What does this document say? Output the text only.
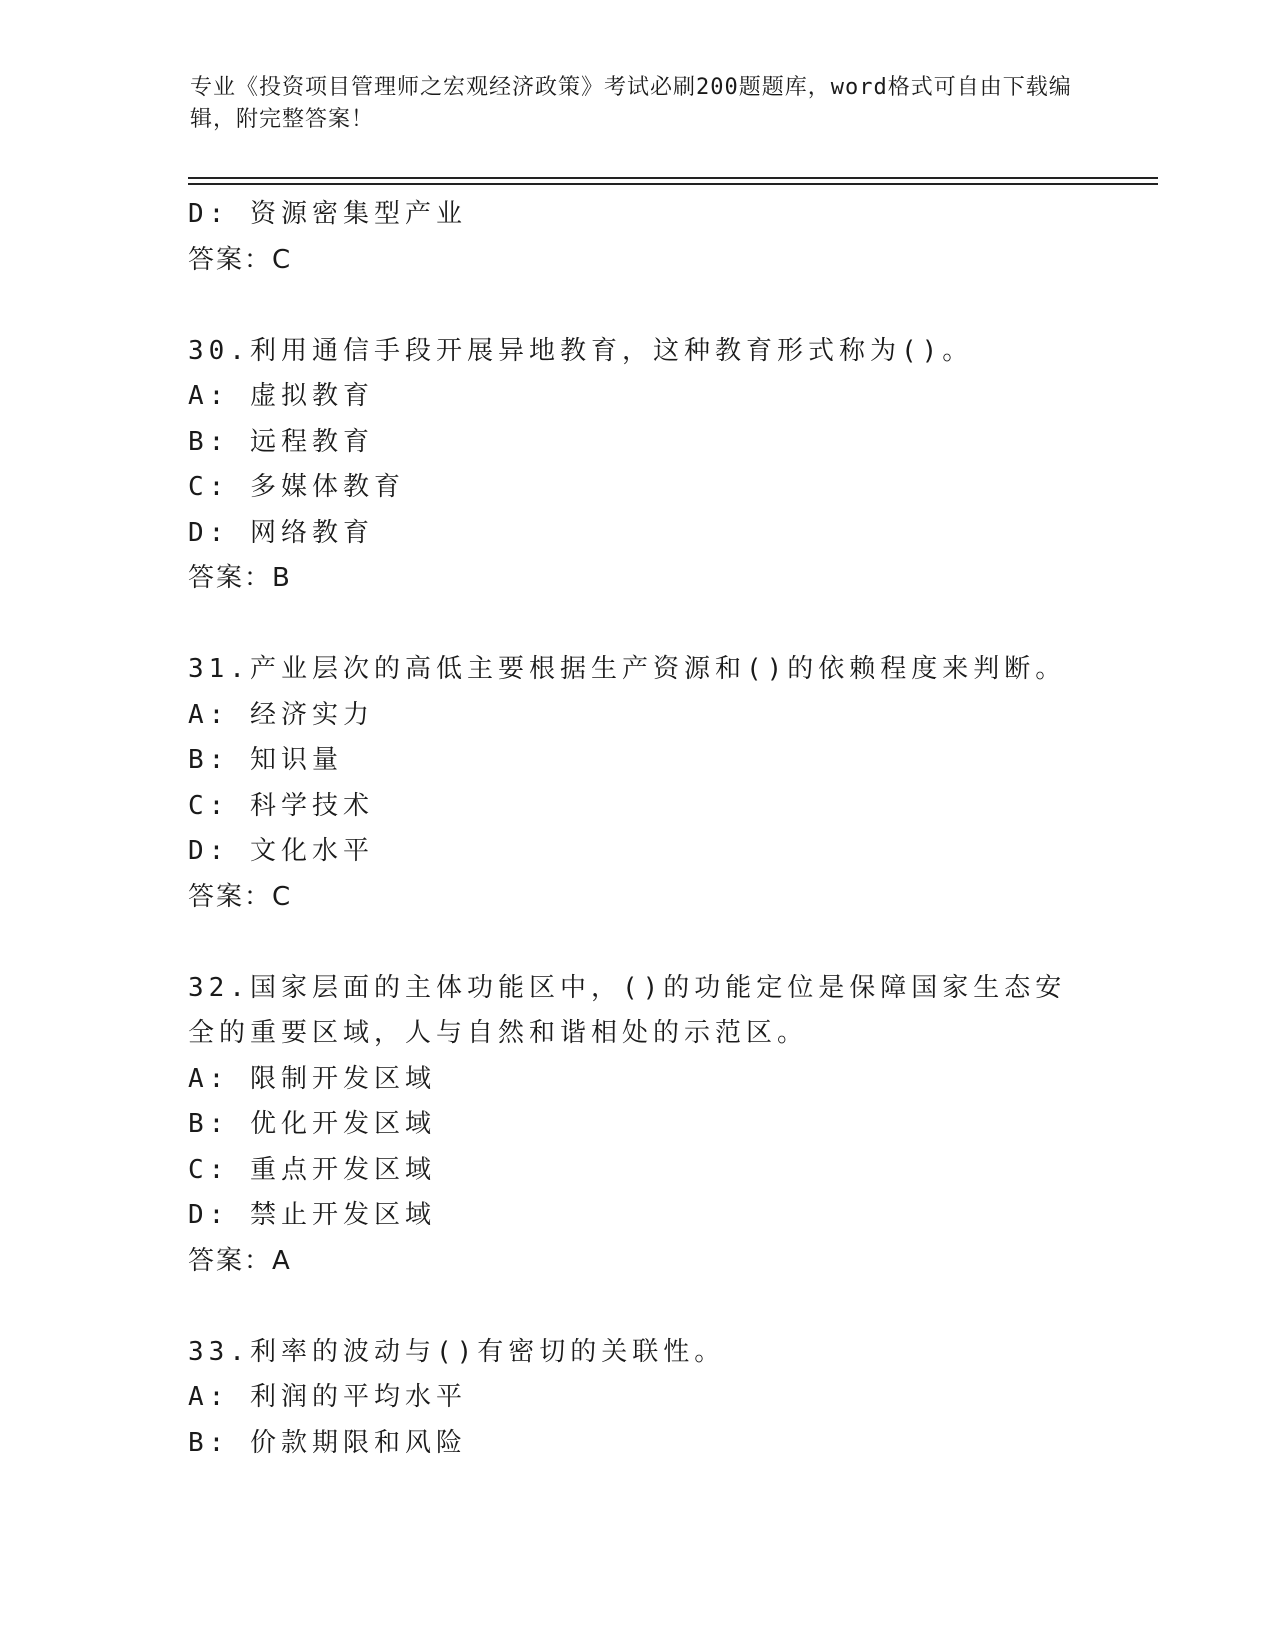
专业《投资项目管理师之宏观经济政策》考试必刷200题题库，word格式可自由下载编辑，附完整答案！
D: 资源密集型产业
答案：C
30.利用通信手段开展异地教育，这种教育形式称为()。
A: 虚拟教育
B: 远程教育
C: 多媒体教育
D: 网络教育
答案：B
31.产业层次的高低主要根据生产资源和()的依赖程度来判断。
A: 经济实力
B: 知识量
C: 科学技术
D: 文化水平
答案：C
32.国家层面的主体功能区中，()的功能定位是保障国家生态安全的重要区域，人与自然和谐相处的示范区。
A: 限制开发区域
B: 优化开发区域
C: 重点开发区域
D: 禁止开发区域
答案：A
33.利率的波动与()有密切的关联性。
A: 利润的平均水平
B: 价款期限和风险
